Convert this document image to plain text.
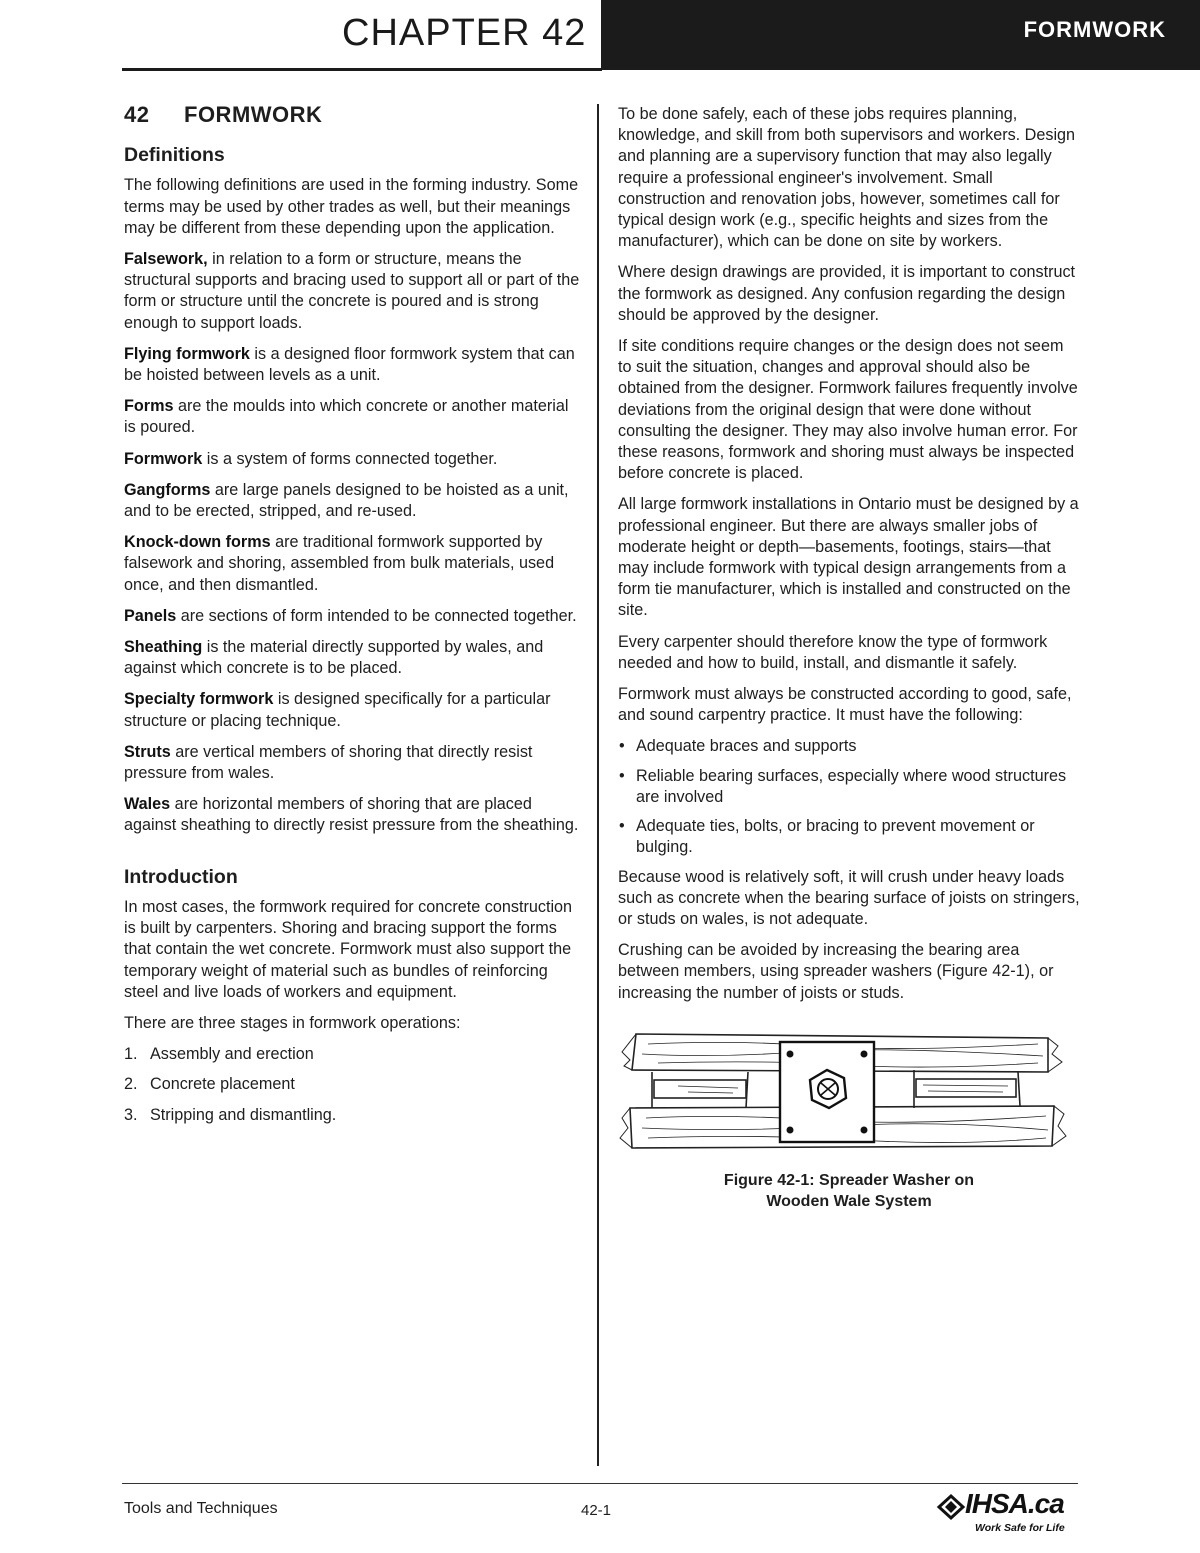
CHAPTER 42	FORMWORK
42 FORMWORK
Definitions

The following definitions are used in the forming industry. Some terms may be used by other trades as well, but their meanings may be different from these depending upon the application.

Falsework, in relation to a form or structure, means the structural supports and bracing used to support all or part of the form or structure until the concrete is poured and is strong enough to support loads.

Flying formwork is a designed floor formwork system that can be hoisted between levels as a unit.

Forms are the moulds into which concrete or another material is poured.

Formwork is a system of forms connected together.

Gangforms are large panels designed to be hoisted as a unit, and to be erected, stripped, and re-used.

Knock-down forms are traditional formwork supported by falsework and shoring, assembled from bulk materials, used once, and then dismantled.

Panels are sections of form intended to be connected together.

Sheathing is the material directly supported by wales, and against which concrete is to be placed.

Specialty formwork is designed specifically for a particular structure or placing technique.

Struts are vertical members of shoring that directly resist pressure from wales.

Wales are horizontal members of shoring that are placed against sheathing to directly resist pressure from the sheathing.

Introduction

In most cases, the formwork required for concrete construction is built by carpenters. Shoring and bracing support the forms that contain the wet concrete. Formwork must also support the temporary weight of material such as bundles of reinforcing steel and live loads of workers and equipment.

There are three stages in formwork operations:

1. Assembly and erection
2. Concrete placement
3. Stripping and dismantling.

To be done safely, each of these jobs requires planning, knowledge, and skill from both supervisors and workers. Design and planning are a supervisory function that may also legally require a professional engineer's involvement. Small construction and renovation jobs, however, sometimes call for typical design work (e.g., specific heights and sizes from the manufacturer), which can be done on site by workers.

Where design drawings are provided, it is important to construct the formwork as designed. Any confusion regarding the design should be approved by the designer.

If site conditions require changes or the design does not seem to suit the situation, changes and approval should also be obtained from the designer. Formwork failures frequently involve deviations from the original design that were done without consulting the designer. They may also involve human error. For these reasons, formwork and shoring must always be inspected before concrete is placed.

All large formwork installations in Ontario must be designed by a professional engineer. But there are always smaller jobs of moderate height or depth—basements, footings, stairs—that may include formwork with typical design arrangements from a form tie manufacturer, which is installed and constructed on the site.

Every carpenter should therefore know the type of formwork needed and how to build, install, and dismantle it safely.

Formwork must always be constructed according to good, safe, and sound carpentry practice. It must have the following:

• Adequate braces and supports
• Reliable bearing surfaces, especially where wood structures are involved
• Adequate ties, bolts, or bracing to prevent movement or bulging.

Because wood is relatively soft, it will crush under heavy loads such as concrete when the bearing surface of joists on stringers, or studs on wales, is not adequate.

Crushing can be avoided by increasing the bearing area between members, using spreader washers (Figure 42-1), or increasing the number of joists or studs.

Figure 42-1: Spreader Washer on
Wooden Wale System
Tools and Techniques	42-1	IHSA.ca
Work Safe for Life
